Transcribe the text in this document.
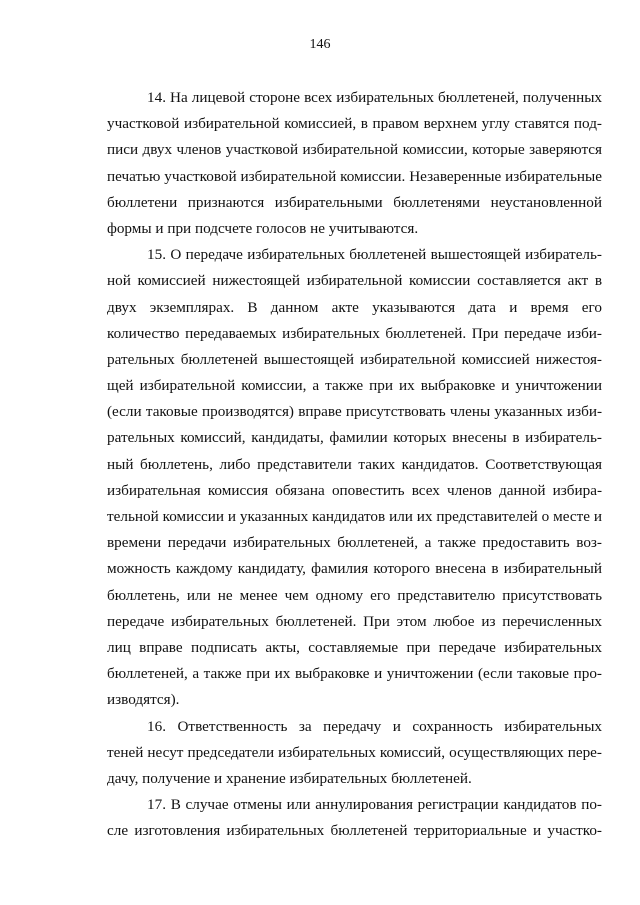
146

14. На лицевой стороне всех избирательных бюллетеней, полученных
участковой избирательной комиссией, в правом верхнем углу ставятся под-
писи двух членов участковой избирательной комиссии, которые заверяются
печатью участковой избирательной комиссии. Незаверенные избирательные
бюллетени признаются избирательными бюллетенями неустановленной
формы и при подсчете голосов не учитываются.

15. О передаче избирательных бюллетеней вышестоящей избиратель-
ной комиссией нижестоящей избирательной комиссии составляется акт в
двух экземплярах. В данном акте указываются дата и время его
количество передаваемых избирательных бюллетеней. При передаче изби-
рательных бюллетеней вышестоящей избирательной комиссией нижестоя-
щей избирательной комиссии, а также при их выбраковке и уничтожении
(если таковые производятся) вправе присутствовать члены указанных изби-
рательных комиссий, кандидаты, фамилии которых внесены в избиратель-
ный бюллетень, либо представители таких кандидатов. Соответствующая
избирательная комиссия обязана оповестить всех членов данной избира-
тельной комиссии и указанных кандидатов или их представителей о месте и
времени передачи избирательных бюллетеней, а также предоставить воз-
можность каждому кандидату, фамилия которого внесена в избирательный
бюллетень, или не менее чем одному его представителю присутствовать
передаче избирательных бюллетеней. При этом любое из перечисленных
лиц вправе подписать акты, составляемые при передаче избирательных
бюллетеней, а также при их выбраковке и уничтожении (если таковые про-
изводятся).

16. Ответственность за передачу и сохранность избирательных
теней несут председатели избирательных комиссий, осуществляющих пере-
дачу, получение и хранение избирательных бюллетеней.

17. В случае отмены или аннулирования регистрации кандидатов по-
сле изготовления избирательных бюллетеней территориальные и участко-
